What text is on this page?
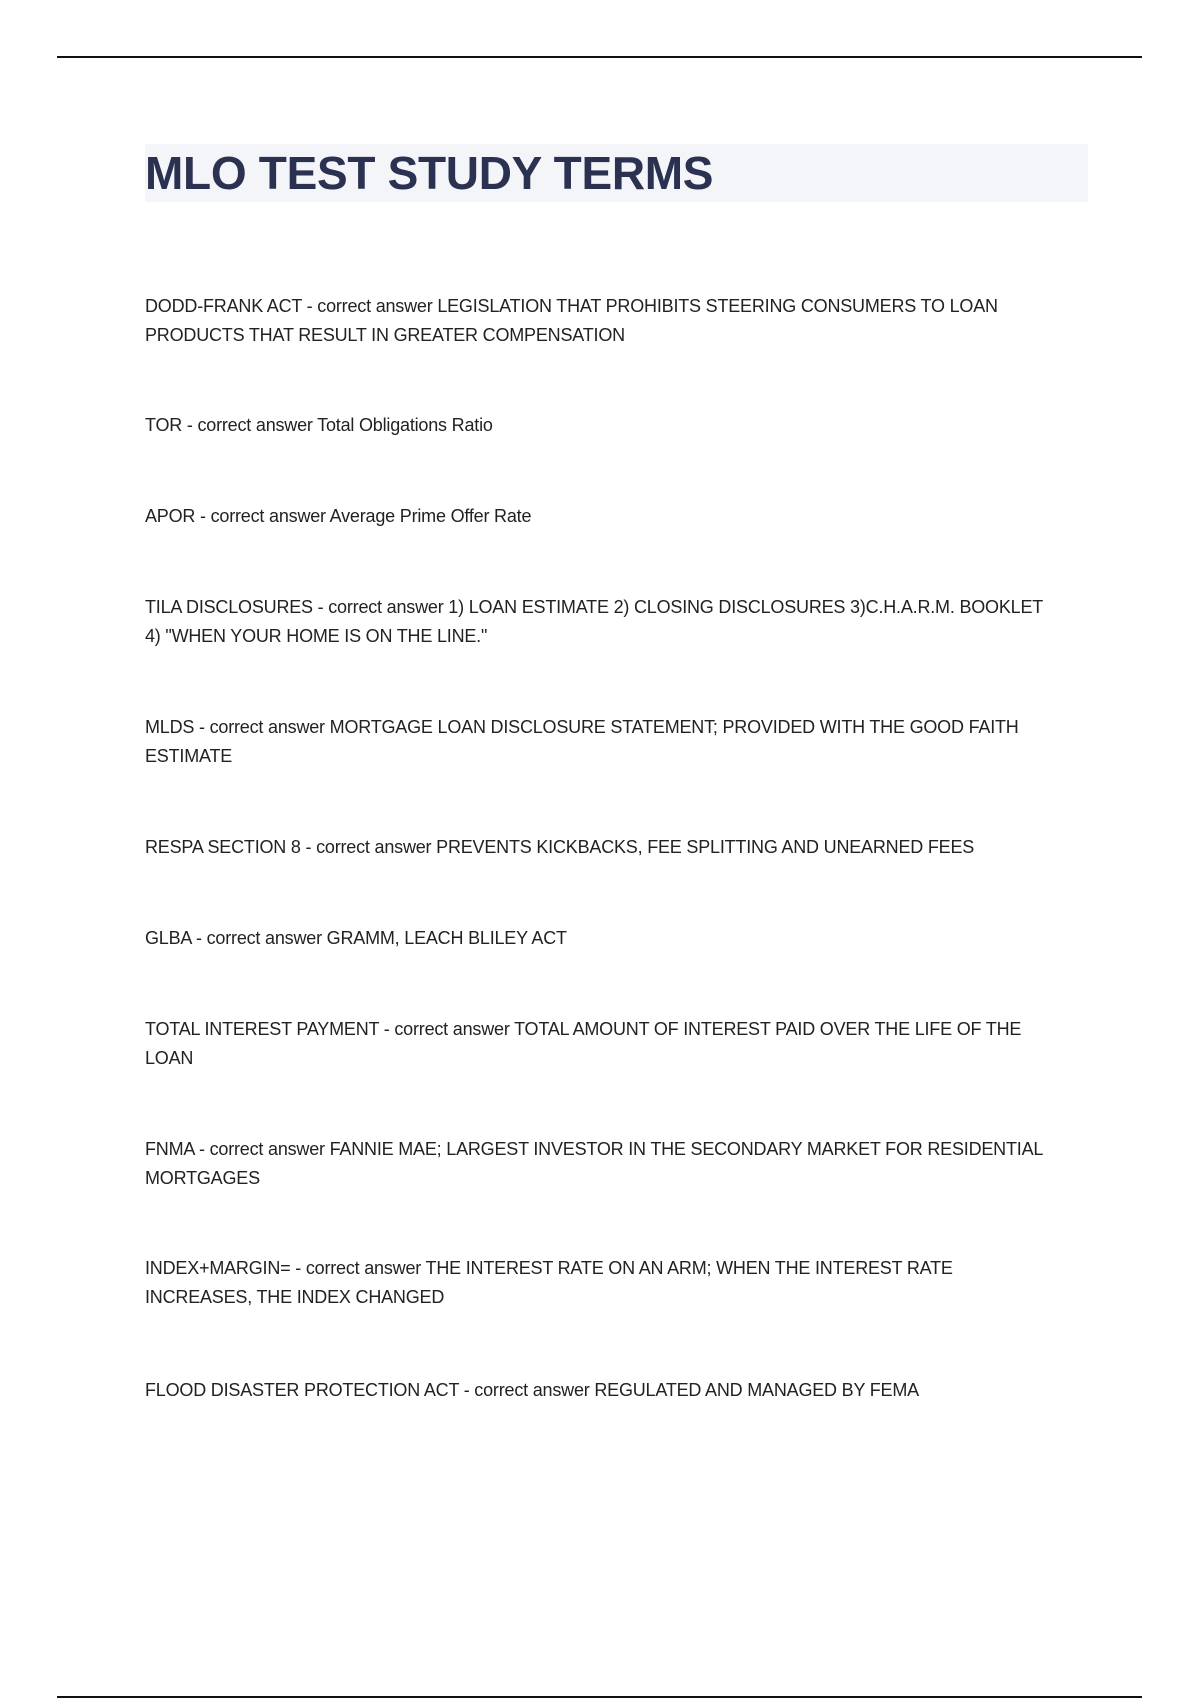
MLO TEST STUDY TERMS
DODD-FRANK ACT - correct answer LEGISLATION THAT PROHIBITS STEERING CONSUMERS TO LOAN
PRODUCTS THAT RESULT IN GREATER COMPENSATION
TOR - correct answer Total Obligations Ratio
APOR - correct answer Average Prime Offer Rate
TILA DISCLOSURES - correct answer 1) LOAN ESTIMATE 2) CLOSING DISCLOSURES 3)C.H.A.R.M. BOOKLET
4) "WHEN YOUR HOME IS ON THE LINE."
MLDS - correct answer MORTGAGE LOAN DISCLOSURE STATEMENT; PROVIDED WITH THE GOOD FAITH
ESTIMATE
RESPA SECTION 8 - correct answer PREVENTS KICKBACKS, FEE SPLITTING AND UNEARNED FEES
GLBA - correct answer GRAMM, LEACH BLILEY ACT
TOTAL INTEREST PAYMENT - correct answer TOTAL AMOUNT OF INTEREST PAID OVER THE LIFE OF THE
LOAN
FNMA - correct answer FANNIE MAE; LARGEST INVESTOR IN THE SECONDARY MARKET FOR RESIDENTIAL
MORTGAGES
INDEX+MARGIN= - correct answer THE INTEREST RATE ON AN ARM; WHEN THE INTEREST RATE
INCREASES, THE INDEX CHANGED
FLOOD DISASTER PROTECTION ACT - correct answer REGULATED AND MANAGED BY FEMA
